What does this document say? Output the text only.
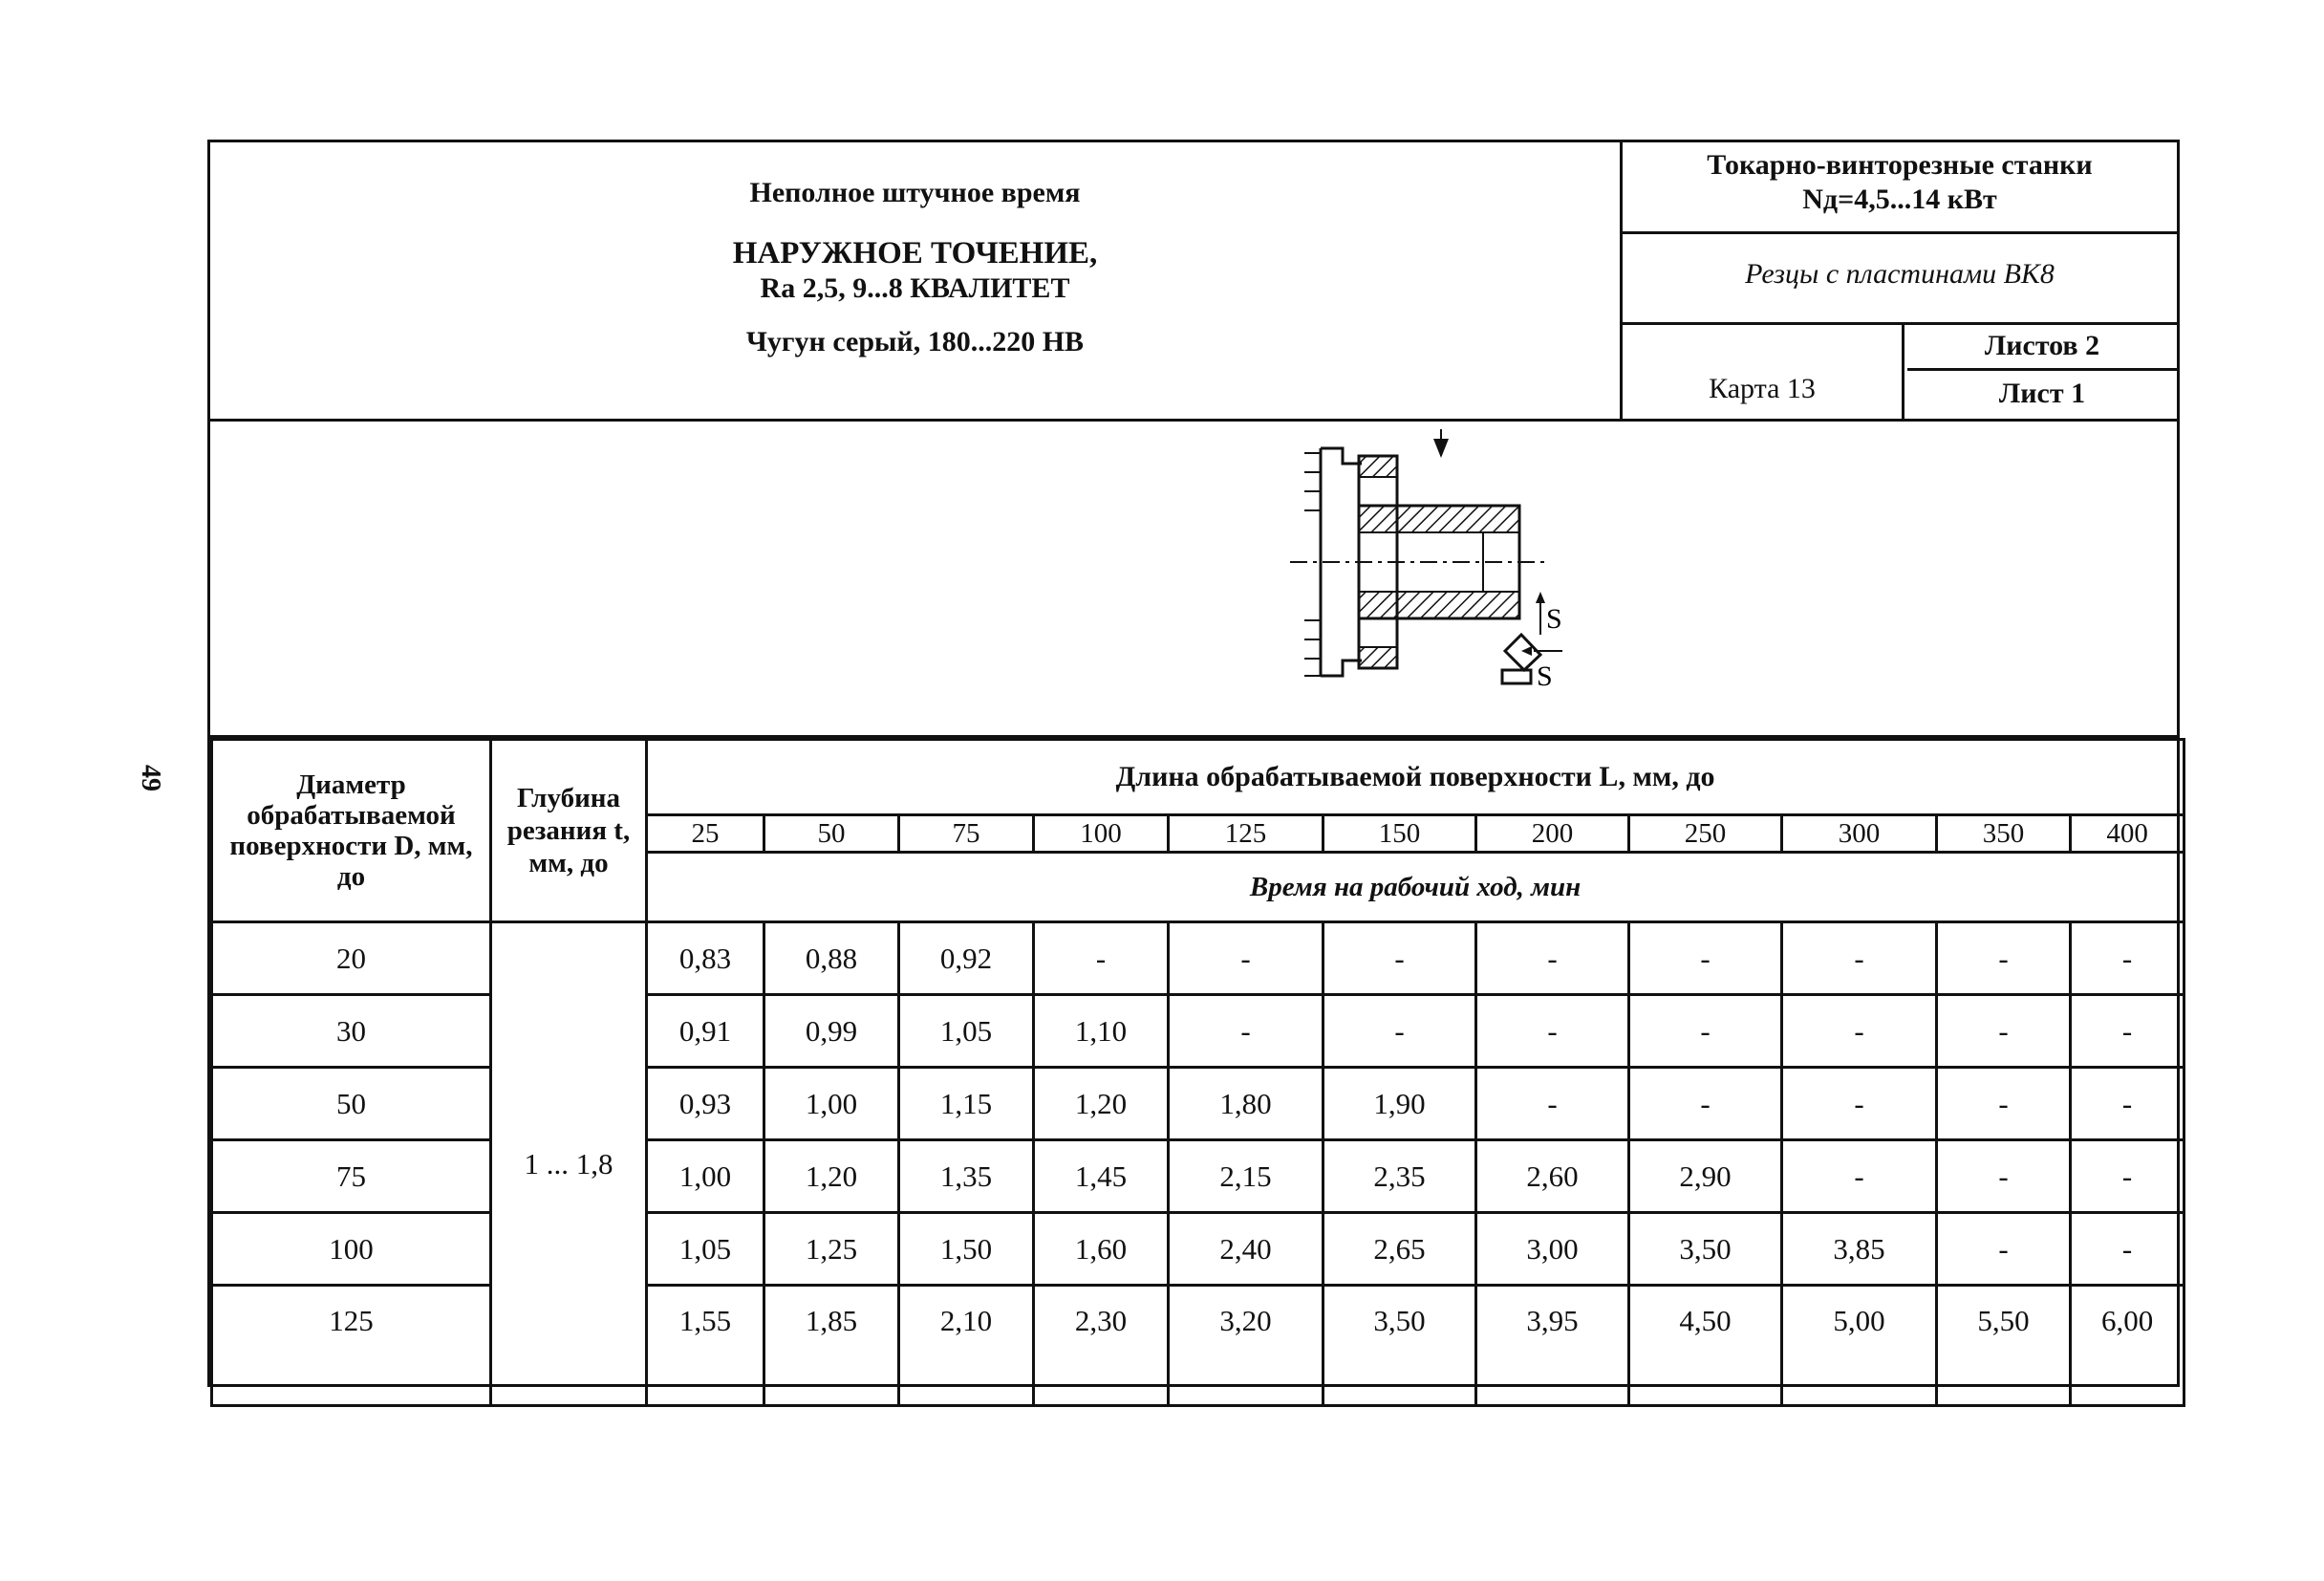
49
Неполное штучное время
НАРУЖНОЕ ТОЧЕНИЕ,
Ra 2,5, 9...8 КВАЛИТЕТ
Чугун серый, 180...220 НВ
Токарно-винторезные станки
Nд=4,5...14 кВт
Резцы с пластинами ВК8
Карта 13
Листов 2
Лист 1
S
S
Диаметр обрабатываемой поверхности D, мм, до	Глубина резания t, мм, до	Длина обрабатываемой поверхности L, мм, до										
		25	50	75	100	125	150	200	250	300	350	400
		Время на рабочий ход, мин										
20	1 ... 1,8	0,83	0,88	0,92	-	-	-	-	-	-	-	-
30		0,91	0,99	1,05	1,10	-	-	-	-	-	-	-
50		0,93	1,00	1,15	1,20	1,80	1,90	-	-	-	-	-
75		1,00	1,20	1,35	1,45	2,15	2,35	2,60	2,90	-	-	-
100		1,05	1,25	1,50	1,60	2,40	2,65	3,00	3,50	3,85	-	-
125		1,55	1,85	2,10	2,30	3,20	3,50	3,95	4,50	5,00	5,50	6,00
